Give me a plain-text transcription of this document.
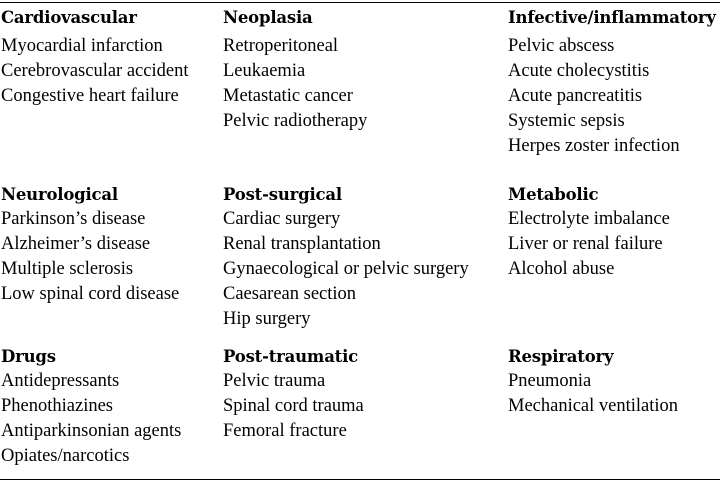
Cardiovascular
Myocardial infarction
Cerebrovascular accident
Congestive heart failure
Neurological
Parkinson’s disease
Alzheimer’s disease
Multiple sclerosis
Low spinal cord disease
Drugs
Antidepressants
Phenothiazines
Antiparkinsonian agents
Opiates/narcotics
Neoplasia
Retroperitoneal
Leukaemia
Metastatic cancer
Pelvic radiotherapy
Post-surgical
Cardiac surgery
Renal transplantation
Gynaecological or pelvic surgery
Caesarean section
Hip surgery
Post-traumatic
Pelvic trauma
Spinal cord trauma
Femoral fracture
Infective/inflammatory
Pelvic abscess
Acute cholecystitis
Acute pancreatitis
Systemic sepsis
Herpes zoster infection
Metabolic
Electrolyte imbalance
Liver or renal failure
Alcohol abuse
Respiratory
Pneumonia
Mechanical ventilation
